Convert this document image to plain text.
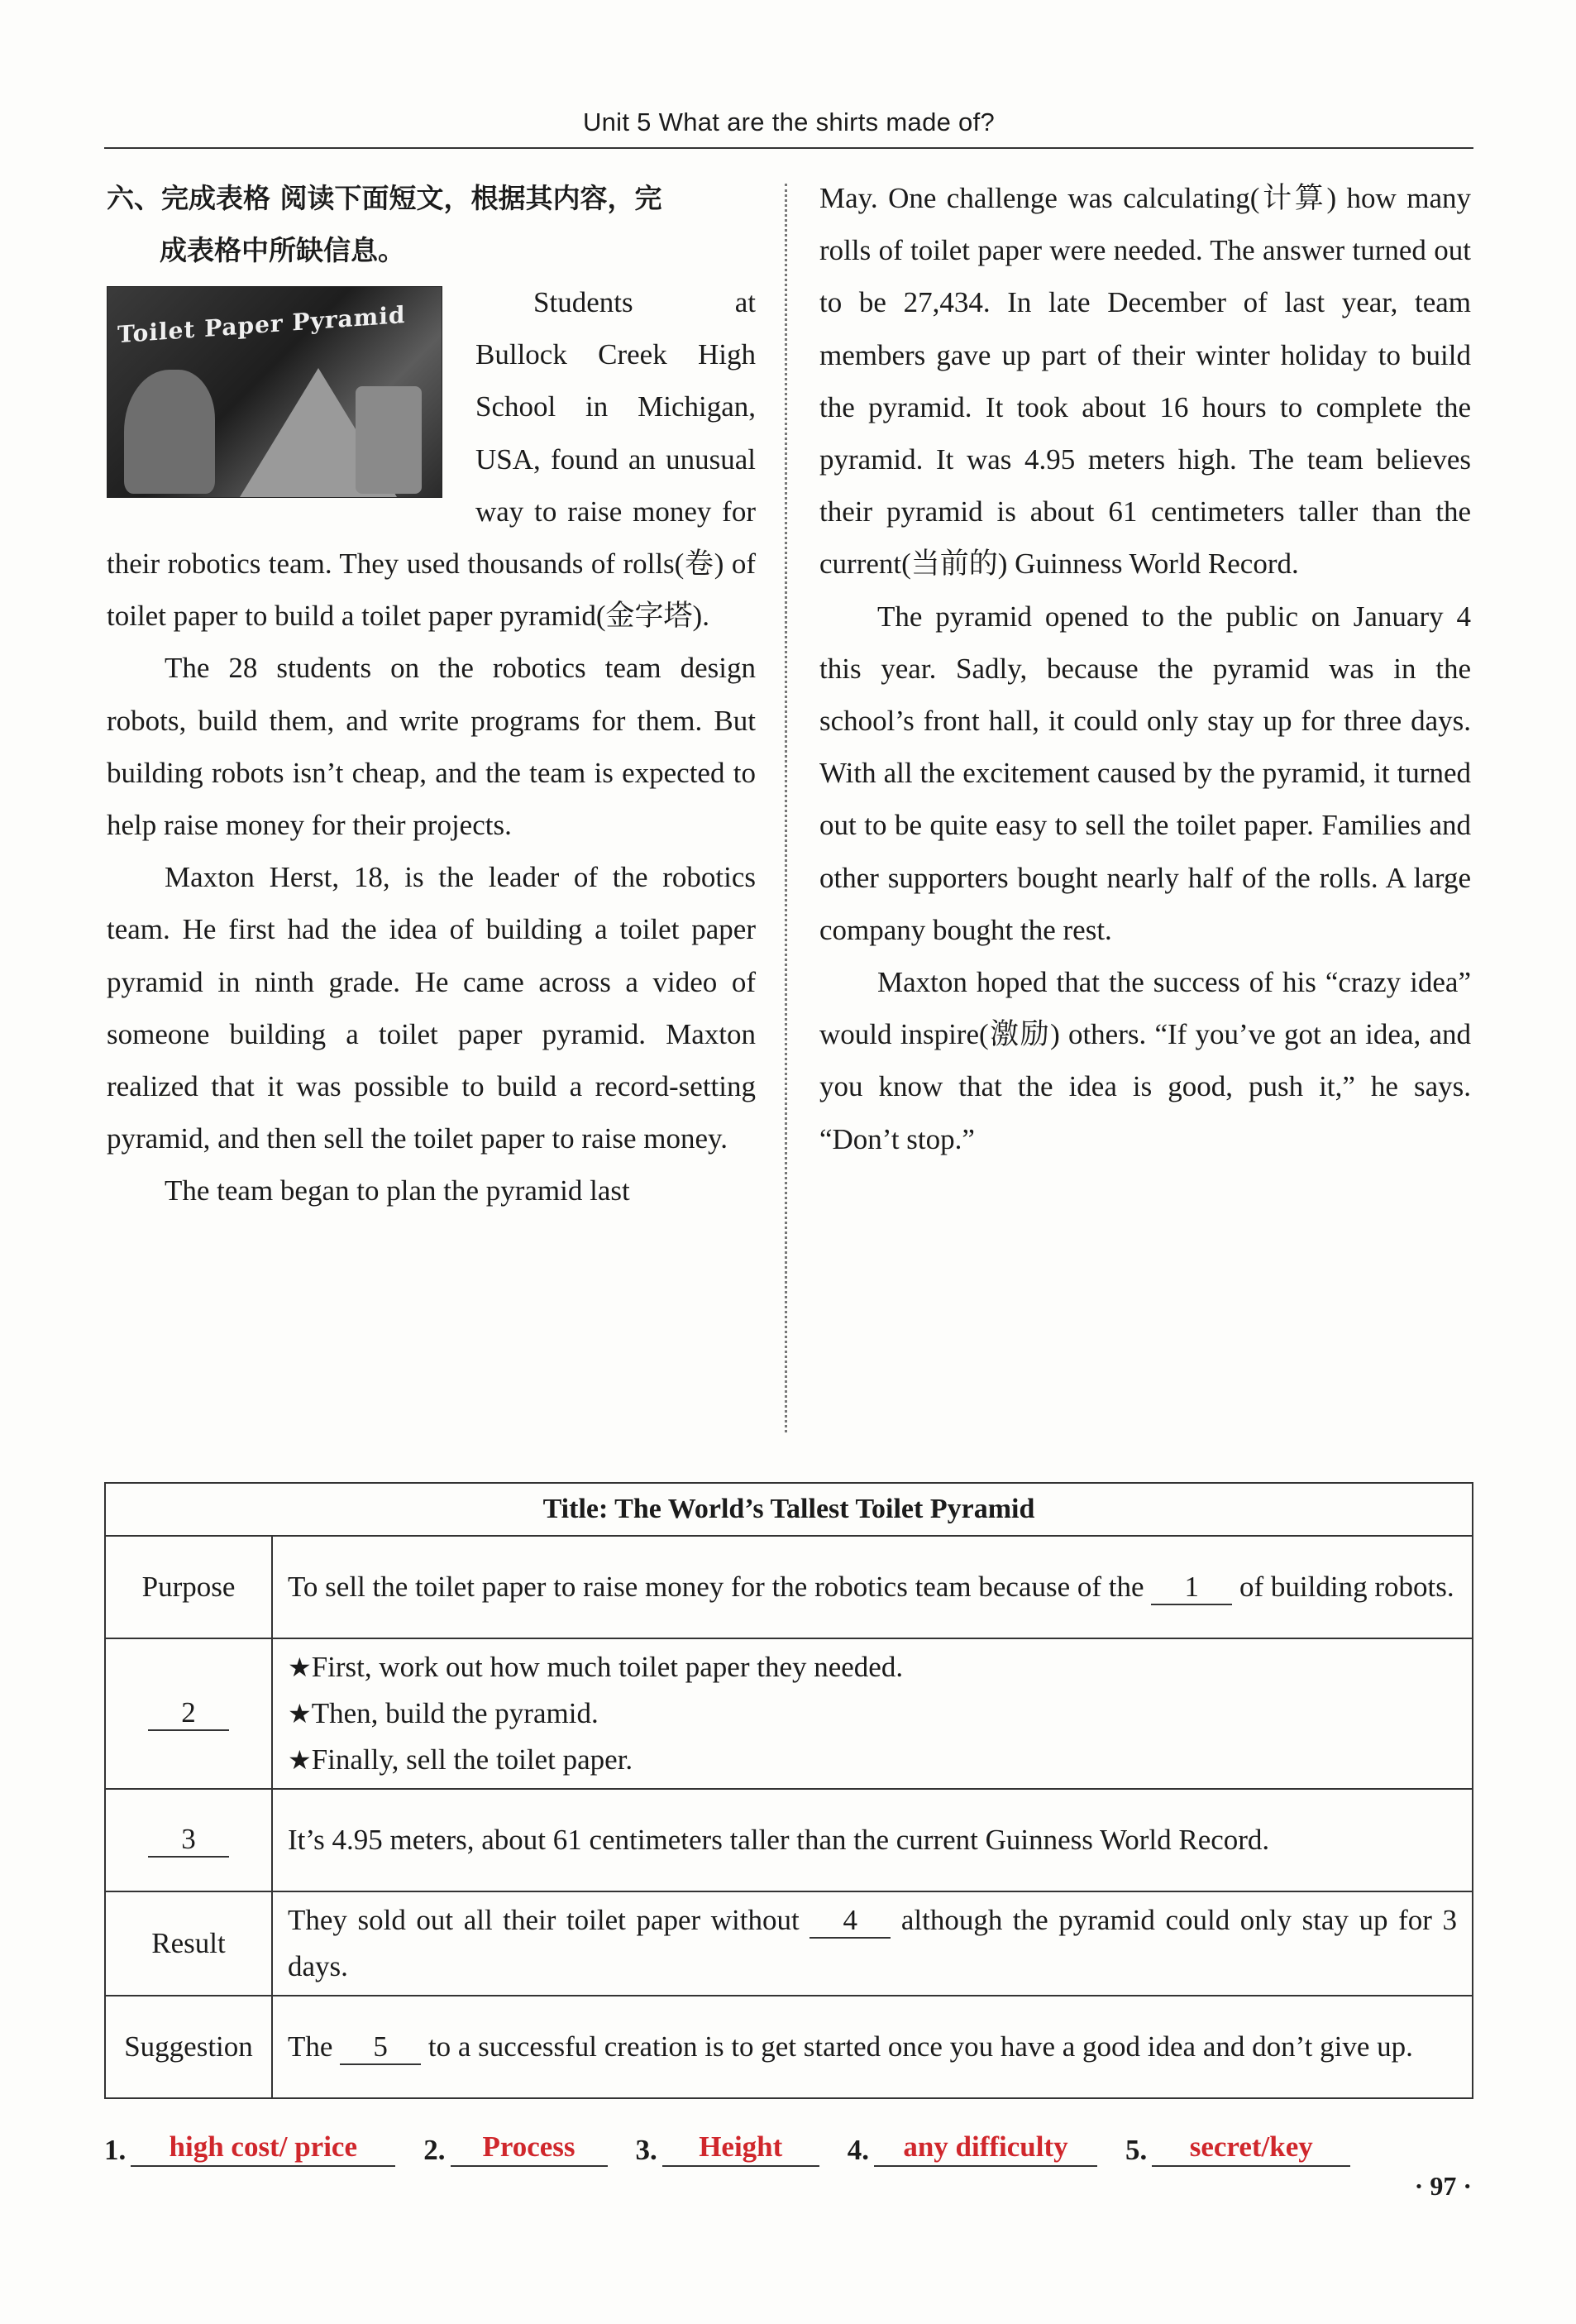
Unit 5 What are the shirts made of?

六、完成表格 阅读下面短文，根据其内容，完
成表格中所缺信息。

Toilet Paper Pyramid	Students at Bullock Creek High School in Michigan, USA, found an unusual way to raise money for their robotics team. They used thousands of rolls(卷) of toilet paper to build a toilet paper pyramid(金字塔).

The 28 students on the robotics team design robots, build them, and write programs for them. But building robots isn’t cheap, and the team is expected to help raise money for their projects.

Maxton Herst, 18, is the leader of the robotics team. He first had the idea of building a toilet paper pyramid in ninth grade. He came across a video of someone building a toilet paper pyramid. Maxton realized that it was possible to build a record-setting pyramid, and then sell the toilet paper to raise money.

The team began to plan the pyramid last

May. One challenge was calculating(计算) how many rolls of toilet paper were needed. The answer turned out to be 27,434. In late December of last year, team members gave up part of their winter holiday to build the pyramid. It took about 16 hours to complete the pyramid. It was 4.95 meters high. The team believes their pyramid is about 61 centimeters taller than the current(当前的) Guinness World Record.

The pyramid opened to the public on January 4 this year. Sadly, because the pyramid was in the school’s front hall, it could only stay up for three days. With all the excitement caused by the pyramid, it turned out to be quite easy to sell the toilet paper. Families and other supporters bought nearly half of the rolls. A large company bought the rest.

Maxton hoped that the success of his “crazy idea” would inspire(激励) others. “If you’ve got an idea, and you know that the idea is good, push it,” he says. “Don’t stop.”

Title: The World’s Tallest Toilet Pyramid	
Purpose	To sell the toilet paper to raise money for the robotics team because of the 1 of building robots.
2	★First, work out how much toilet paper they needed.
★Then, build the pyramid.
★Finally, sell the toilet paper.

3	It’s 4.95 meters, about 61 centimeters taller than the current Guinness World Record.
Result	They sold out all their toilet paper without 4 although the pyramid could only stay up for 3 days.
Suggestion	The 5 to a successful creation is to get started once you have a good idea and don’t give up.
1.	high cost/ price	2.	Process	3.	Height	4.	any difficulty	5.	secret/key
· 97 ·
